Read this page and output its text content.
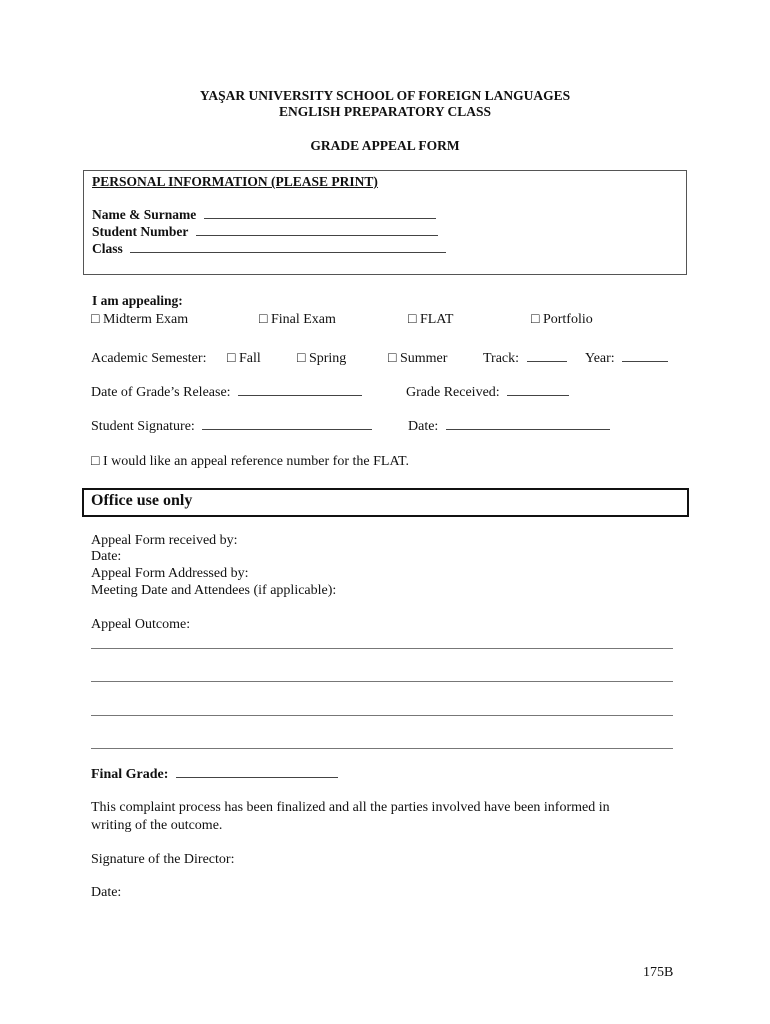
YAŞAR UNIVERSITY SCHOOL OF FOREIGN LANGUAGES
ENGLISH PREPARATORY CLASS
GRADE APPEAL FORM
PERSONAL INFORMATION (PLEASE PRINT)
Name & Surname
Student Number
Class
I am appealing:
□ Midterm Exam	□ Final Exam	□ FLAT	□ Portfolio
Academic Semester: □ Fall	□ Spring	□ Summer	Track:	Year:
Date of Grade’s Release:	Grade Received:
Student Signature:	Date:
□ I would like an appeal reference number for the FLAT.
Office use only
Appeal Form received by:
Date:
Appeal Form Addressed by:
Meeting Date and Attendees (if applicable):
Appeal Outcome:
Final Grade:
This complaint process has been finalized and all the parties involved have been informed in
writing of the outcome.
Signature of the Director:
Date:
175B
